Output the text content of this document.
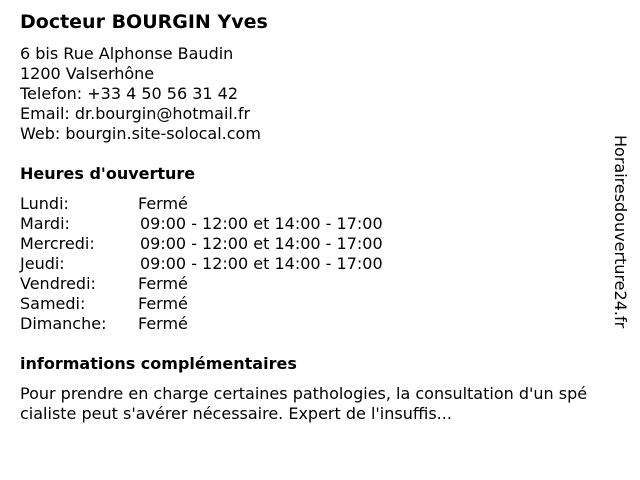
Docteur BOURGIN Yves
6 bis Rue Alphonse Baudin
1200 Valserhône
Telefon: +33 4 50 56 31 42
Email: dr.bourgin@hotmail.fr
Web: bourgin.site-solocal.com
Heures d'ouverture
Lundi:	Fermé
Mardi:	09:00 - 12:00 et 14:00 - 17:00
Mercredi:	09:00 - 12:00 et 14:00 - 17:00
Jeudi:	09:00 - 12:00 et 14:00 - 17:00
Vendredi:	Fermé
Samedi:	Fermé
Dimanche:	Fermé
informations complémentaires
Pour prendre en charge certaines pathologies, la consultation d'un spécialiste peut s'avérer nécessaire. Expert de l'insuffis...
Horairesdouverture24.fr
